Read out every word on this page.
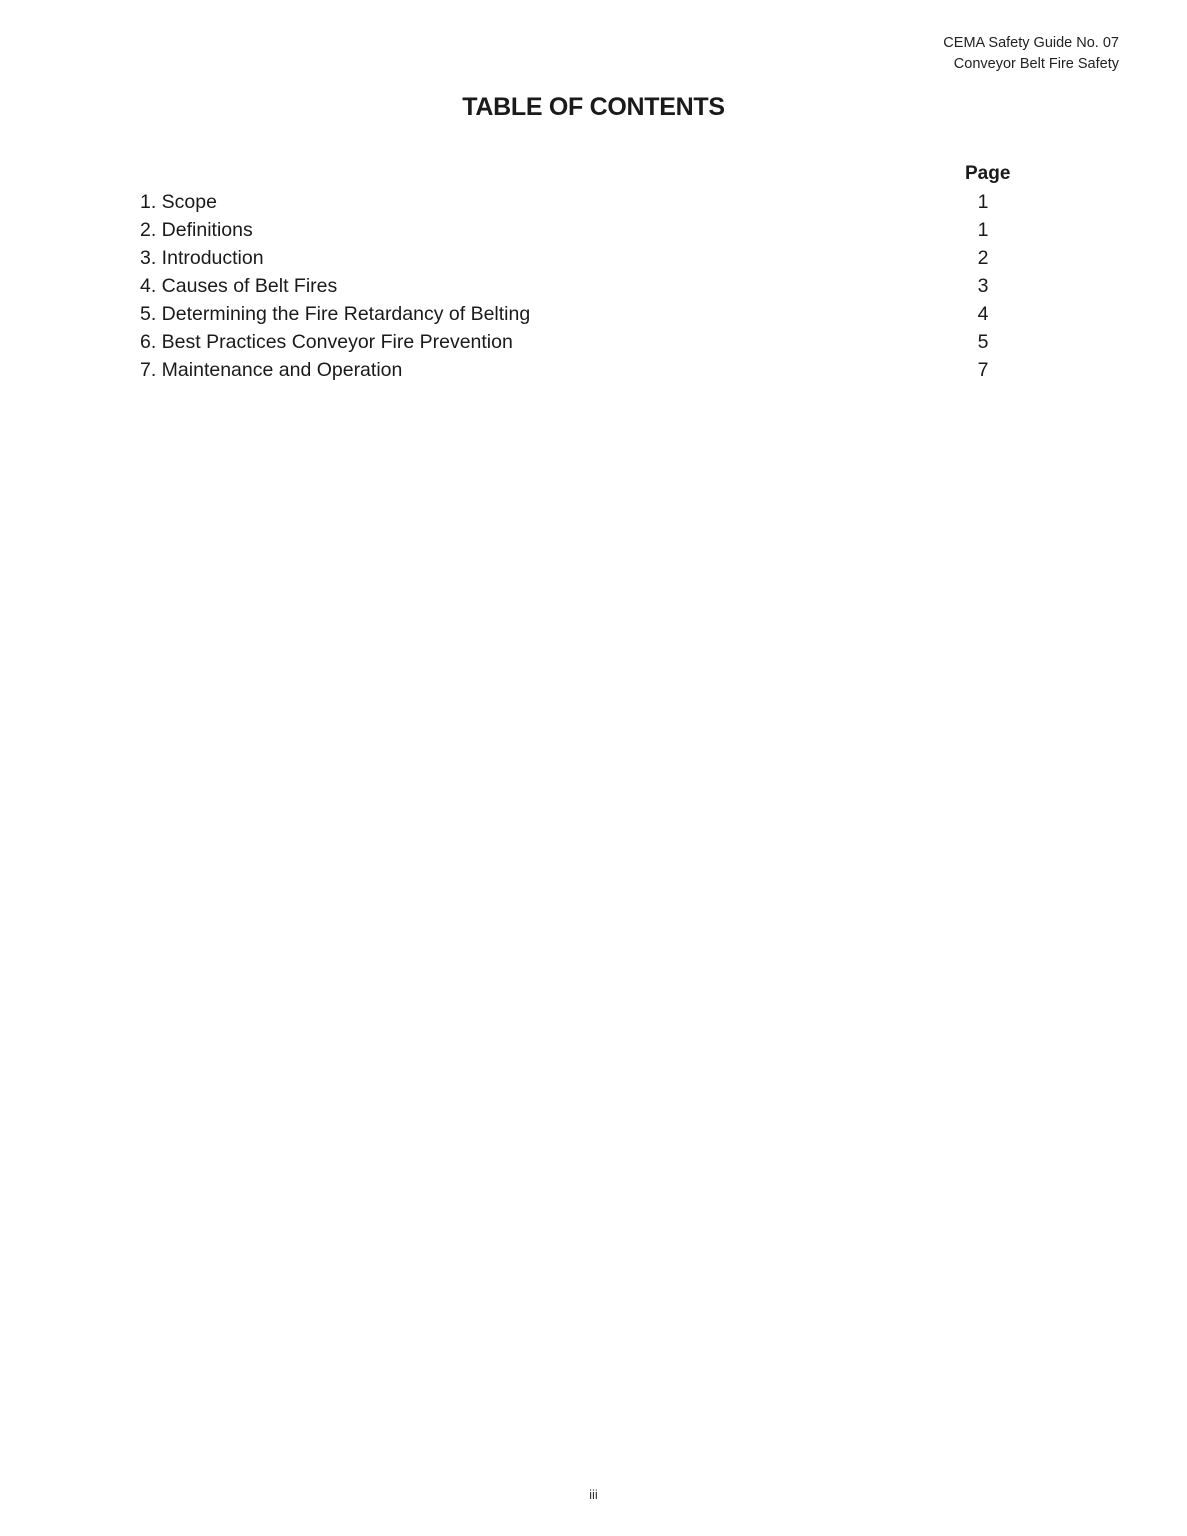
CEMA Safety Guide No. 07
Conveyor Belt Fire Safety
TABLE OF CONTENTS
Page
1. Scope	1
2. Definitions	1
3. Introduction	2
4. Causes of Belt Fires	3
5. Determining the Fire Retardancy of Belting	4
6. Best Practices Conveyor Fire Prevention	5
7. Maintenance and Operation	7
iii
